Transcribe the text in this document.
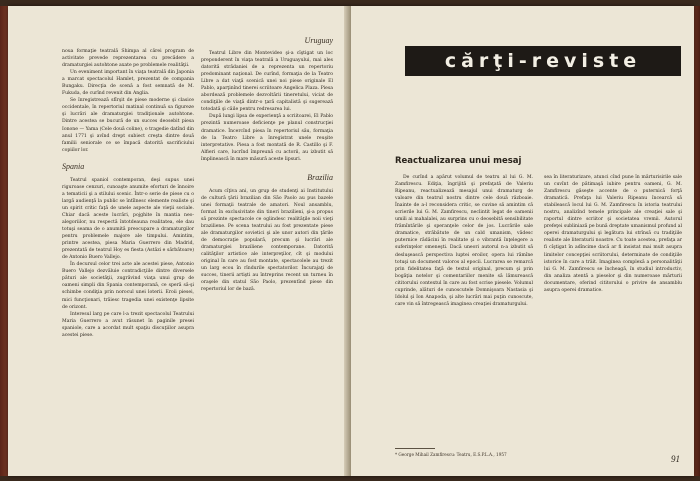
noua formaţie teatrală Shimpa al cărei program de activitate prevede reprezentarea cu precădere a dramaturgiei autohtone axate pe problemele realităţii.

Un eveniment important în viaţa teatrală din Japonia a marcat spectacolul Hamlet, prezentat de compania Bungaku. Direcţia de scenă a fost semnată de M. Fukuda, de curînd revenit din Anglia.

Se înregistrează sfîrşit de piese moderne şi clasice occidentale, în repertoriul matinal continuă sa figureze şi lucrări ale dramaturgiei tradiţionale autohtone. Dintre acestea se bucură de un succes deosebit piesa Ionone — Yama (Cele două coline), o tragedie datînd din anul 1771 şi avînd drept subiect creşta dintre două familii seniorale ce se împacă datorită sacrificiului copiilor lor.

Spania

Teatrul spaniol contemporan, deşi supus unei riguroase cenzuri, cunoaşte anumite eforturi de înnoire a tematicii şi a stilului scenic. Într-o serie de piese cu o largă audienţă la public se întîlnesc elemente realiste şi un spirit critic faţă de unele aspecte ale vieţii sociale. Chiar dacă aceste lucrări, pojghite în mantia neo-alegoriilor, nu respectă întotdeauna realitatea, ele dau totuşi seama de o anumită preocupare a dramaturgilor pentru problemele majore ale timpului. Amintim, printre acestea, piesa Maria Guerrero din Madrid, prezentată de teatrul Hoy es fiesta (Astăzi e sărbătoare) de Antonio Buero Vallejo.

În decursul celor trei acte ale acestei piese, Antonio Buero Vallejo dezvăluie contradicţiile dintre diversele pături ale societăţii, zugrăvind viaţa unui grup de oameni simpli din Spania contemporană, ce speră să-şi schimbe condiţia prin norocul unei loterii. Eroii piesei, mici funcţionari, trăiesc tragedia unei existenţe lipsite de orizont.

Interesul larg pe care l-a trezit spectacolul Teatrului Maria Guerrero a avut răsunet în paginile presei spaniole, care a acordat mult spaţiu discuţiilor asupra acestei piese.

Uruguay

Teatrul Libre din Montevideo şi-a cîştigat un loc preponderent în viaţa teatrală a Uruguayului, mai ales datorită strădaniei de a reprezenta un repertoriu predominant naţional. De curînd, formaţia de la Teatro Libre a dat viaţă scenică unei noi piese originale El Pablo, aparţinînd tinerei scriitoare Angelica Plaza. Piesa abordează problemele dezvoltării tineretului, viciat de condiţiile de viaţă dintr-o ţară capitalistă şi sugerează totodată şi căile pentru redresarea lui.

După lungi lipsa de experienţă a scriitoarei, El Pablo prezintă numeroase deficienţe pe planul construcţiei dramatice. Încercînd piesa în repertoriul său, formaţia de la Teatro Libre a înregistrat unele reuşite interpretative. Piesa a fost montată de R. Castillo şi F. Alfieri care, lucrînd împreună cu actorii, au izbutit să împlinească în mare măsură aceste lipsuri.

Brazilia

Acum cîţiva ani, un grup de studenţi ai Institutului de cultură ţării brazilian din São Paolo au pus bazele unei formaţii teatrale de amatori. Noul ansamblu, format în exclusivitate din tineri brazilieni, şi-a propus să prezinte spectacole ce oglindesc realităţile noii vieţi braziliene. Pe scena teatrului au fost prezentate piese ale dramaturgilor sovietici şi ale unor autori din ţările de democraţie populară, precum şi lucrări ale dramaturgiei braziliene contemporane. Datorită calităţilor artistice ale interpreţilor, cît şi modului original în care au fost montate, spectacolele au trezit un larg ecou în rîndurile spectatorilor. Încurajaţi de succes, tinerii artişti au întreprins recent un turneu în oraşele din statul São Paolo, prezentînd piese din repertoriul lor de bază.

cărţi-reviste
Reactualizarea unui mesaj

De curînd a apărut volumul de teatru al lui G. M. Zamfirescu. Ediţia, îngrijită şi prefaţată de Valeriu Ripeanu, reactualizează mesajul unui dramaturg de valoare din teatrul nostru dintre cele două războaie. Înainte de a-l reconsidera critic, se cuvine să amintim că scrierile lui G. M. Zamfirescu, neclintit legat de oamenii umili ai mahalalei, au surprins cu o deosebită sensibilitate frămîntările şi speranţele celor de jos. Lucrările sale dramatice, străbătute de un cald umanism, vădesc puternice rădăcini în realitate şi o vibrantă înţelegere a suferinţelor omeneşti. Dacă uneori autorul n-a izbutit să desluşească perspectiva luptei eroilor, opera lui rămîne totuşi un document valoros al epocii. Lucrarea se remarcă prin fidelitatea faţă de textul original, precum şi prin bogăţia notelor şi comentariilor menite să lămurească cititorului contextul în care au fost scrise piesele. Volumul cuprinde, alături de cunoscutele Domnişoara Nastasia şi Idolul şi Ion Anapoda, şi alte lucrări mai puţin cunoscute, care vin să întregească imaginea creaţiei dramaturgului.

* George Mihail Zamfirescu: Teatru, E.S.P.L.A., 1957

sea în literaturizare, atunci cînd pune în mărturisirile sale un cuvînt de pătimaşă iubire pentru oameni, G. M. Zamfirescu găseşte accente de o puternică forţă dramatică. Prefaţa lui Valeriu Ripeanu încearcă să stabilească locul lui G. M. Zamfirescu în istoria teatrului nostru, analizînd temele principale ale creaţiei sale şi raportul dintre scriitor şi societatea vremii. Autorul prefeţei subliniază pe bună dreptate umanismul profund al operei dramaturgului şi legătura lui strînsă cu tradiţiile realiste ale literaturii noastre. Cu toate acestea, prefaţa ar fi cîştigat în adîncime dacă ar fi insistat mai mult asupra limitelor concepţiei scriitorului, determinate de condiţiile istorice în care a trăit. Imaginea complexă a personalităţii lui G. M. Zamfirescu se încheagă, în studiul introductiv, din analiza atentă a pieselor şi din numeroase mărturii documentare, oferind cititorului o privire de ansamblu asupra operei dramatice.

91
